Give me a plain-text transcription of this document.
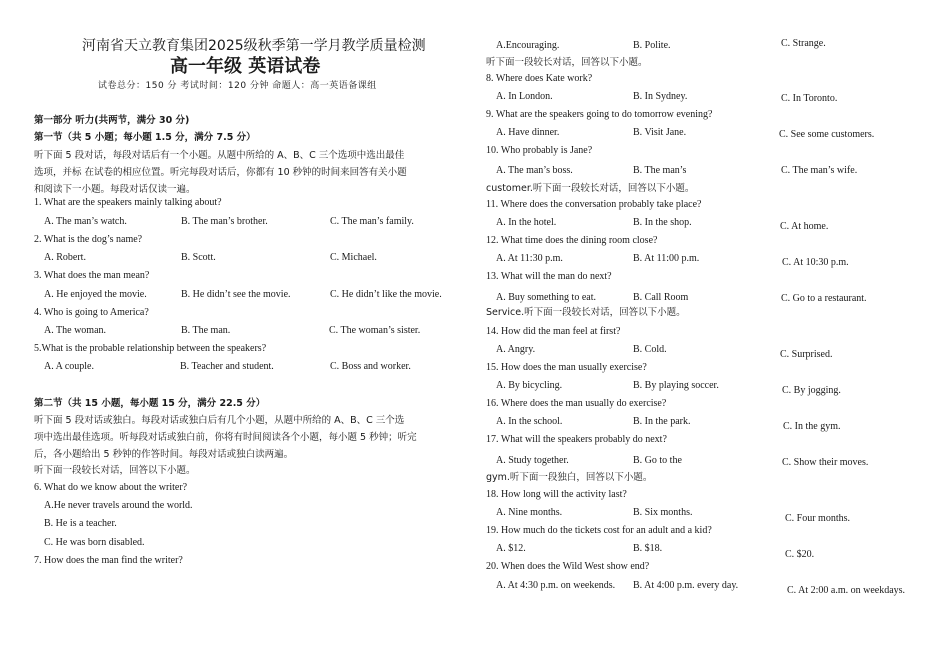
河南省天立教育集团2025级秋季第一学月教学质量检测
高一年级 英语试卷
试卷总分：150 分 考试时间：120 分钟 命题人：高一英语备课组
第一部分 听力(共两节，满分 30 分)
第一节（共 5 小题；每小题 1.5 分，满分 7.5 分）
听下面 5 段对话，每段对话后有一个小题。从题中所给的 A、B、C 三个选项中选出最佳
选项，并标 在试卷的相应位置。听完每段对话后，你都有 10 秒钟的时间来回答有关小题
和阅读下一小题。每段对话仅读一遍。
1. What are the speakers mainly talking about?
A. The man’s watch.	B. The man’s brother.	C. The man’s family.
2. What is the dog’s name?
A. Robert.	B. Scott.	C. Michael.
3. What does the man mean?
A. He enjoyed the movie.	B. He didn’t see the movie.	C. He didn’t like the movie.
4. Who is going to America?
A. The woman.	B. The man.	C. The woman’s sister.
5.What is the probable relationship between the speakers?
A. A couple.	B. Teacher and student.	C. Boss and worker.
第二节（共 15 小题，每小题 15 分，满分 22.5 分）
听下面 5 段对话或独白。每段对话或独白后有几个小题，从题中所给的 A、B、C 三个选
项中选出最佳选项。听每段对话或独白前，你将有时间阅读各个小题，每小题 5 秒钟；听完
后，各小题给出 5 秒钟的作答时间。每段对话或独白读两遍。
听下面一段较长对话，回答以下小题。
6. What do we know about the writer?
A.He never travels around the world.
B. He is a teacher.
C. He was born disabled.
7. How does the man find the writer?
A.Encouraging.	B. Polite.	C. Strange.
听下面一段较长对话，回答以下小题。
8. Where does Kate work?
A. In London.	B. In Sydney.	C. In Toronto.
9. What are the speakers going to do tomorrow evening?
A. Have dinner.	B. Visit Jane.	C. See some customers.
10. Who probably is Jane?
A. The man’s boss.	B. The man’s	C. The man’s wife.
customer.听下面一段较长对话，回答以下小题。
11. Where does the conversation probably take place?
A. In the hotel.	B. In the shop.	C. At home.
12. What time does the dining room close?
A. At 11:30 p.m.	B. At 11:00 p.m.	C. At 10:30 p.m.
13. What will the man do next?
A. Buy something to eat.	B. Call Room	C. Go to a restaurant.
Service.听下面一段较长对话，回答以下小题。
14. How did the man feel at first?
A. Angry.	B. Cold.	C. Surprised.
15. How does the man usually exercise?
A. By bicycling.	B. By playing soccer.	C. By jogging.
16. Where does the man usually do exercise?
A. In the school.	B. In the park.	C. In the gym.
17. What will the speakers probably do next?
A. Study together.	B. Go to the	C. Show their moves.
gym.听下面一段独白，回答以下小题。
18. How long will the activity last?
A. Nine months.	B. Six months.
C. Four months.
19. How much do the tickets cost for an adult and a kid?
A. $12.	B. $18.
C. $20.
20. When does the Wild West show end?
A. At 4:30 p.m. on weekends. B. At 4:00 p.m. every day.	C. At 2:00 a.m. on weekdays.
